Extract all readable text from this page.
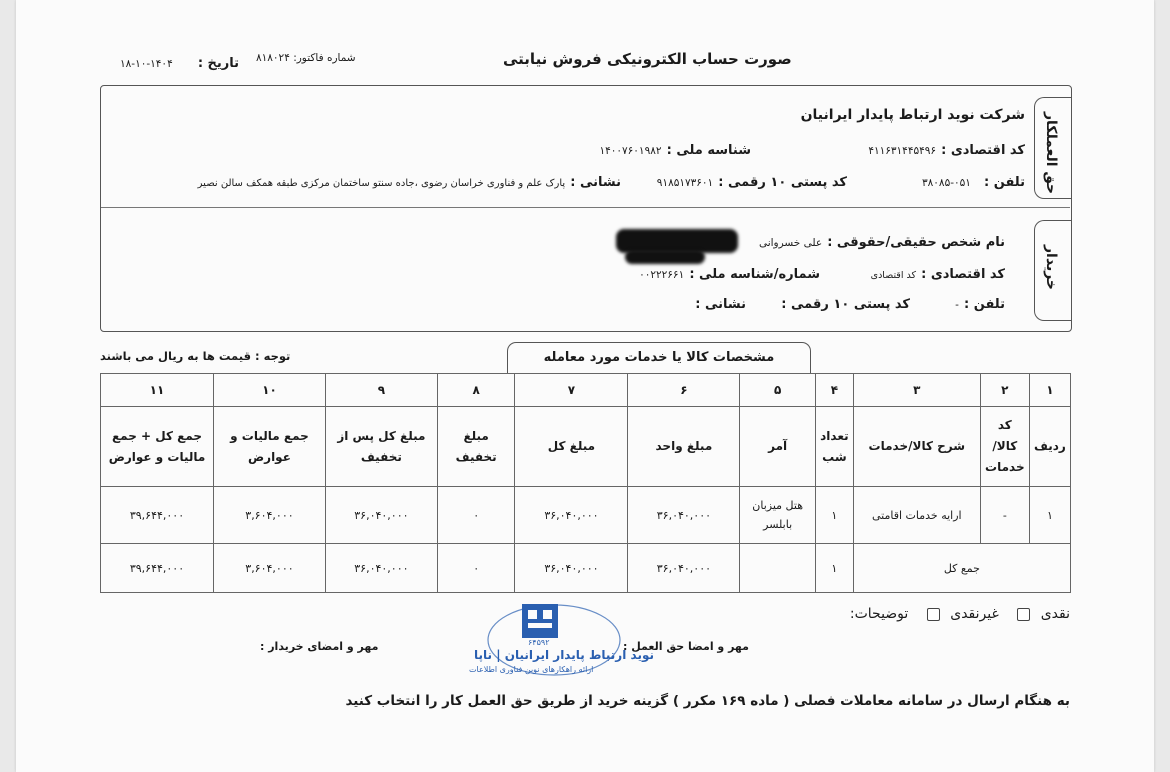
صورت حساب الکترونیکی فروش نیابتی
شماره فاکتور: ۸۱۸۰۲۴
تاریخ : ۱۴۰۴-۱۰-۱۸
حق العملکار
خریدار
شرکت نوید ارتباط پایدار ایرانیان
کد اقتصادی : ۴۱۱۶۳۱۴۴۵۴۹۶
شناسه ملی : ۱۴۰۰۷۶۰۱۹۸۲
تلفن : ۰۵۱-۳۸۰۸۵
کد پستی ۱۰ رقمی : ۹۱۸۵۱۷۳۶۰۱
نشانی : پارک علم و فناوری خراسان رضوی ،جاده سنتو ساختمان مرکزی طبقه همکف سالن نصیر
نام شخص حقیقی/حقوقی : علی خسروانی
کد اقتصادی : کد اقتصادی
شماره/شناسه ملی : ۰۰۲۲۲۶۶۱
تلفن : -
کد پستی ۱۰ رقمی :
نشانی :
مشخصات کالا یا خدمات مورد معامله
توجه : قیمت ها به ریال می باشند
۱	۲	۳	۴	۵	۶	۷	۸	۹	۱۰	۱۱
ردیف	کد کالا/ خدمات	شرح کالا/خدمات	تعداد شب	آمر	مبلغ واحد	مبلغ کل	مبلغ تخفیف	مبلغ کل پس از تخفیف	جمع مالیات و عوارض	جمع کل + جمع مالیات و عوارض
۱	-	ارایه خدمات اقامتی	۱	هتل میزبان بابلسر	۳۶,۰۴۰,۰۰۰	۳۶,۰۴۰,۰۰۰	۰	۳۶,۰۴۰,۰۰۰	۳,۶۰۴,۰۰۰	۳۹,۶۴۴,۰۰۰
جمع کل			۱		۳۶,۰۴۰,۰۰۰	۳۶,۰۴۰,۰۰۰	۰	۳۶,۰۴۰,۰۰۰	۳,۶۰۴,۰۰۰	۳۹,۶۴۴,۰۰۰
نقدی  غیرنقدی  توضیحات:
مهر و امضا حق العمل :
مهر و امضای خریدار :	۶۴۵۹۲
نوید ارتباط پایدار ایرانیان | ناپا
ارائه راهکارهای نوین فناوری اطلاعات
به هنگام ارسال در سامانه معاملات فصلی ( ماده ۱۶۹ مکرر ) گزینه خرید از طریق حق العمل کار را انتخاب کنید
